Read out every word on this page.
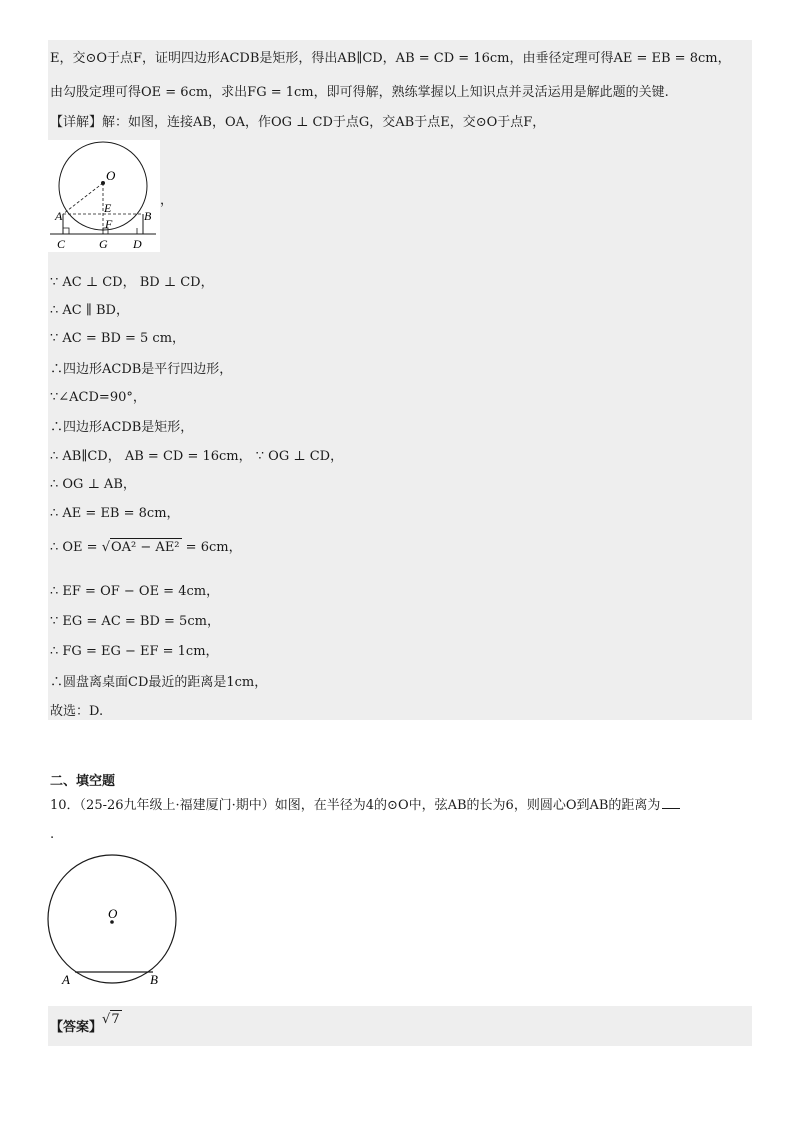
E，交⊙O于点F，证明四边形ACDB是矩形，得出AB∥CD，AB = CD = 16cm，由垂径定理可得AE = EB = 8cm，
由勾股定理可得OE = 6cm，求出FG = 1cm，即可得解，熟练掌握以上知识点并灵活运用是解此题的关键.
【详解】解：如图，连接AB，OA，作OG ⊥ CD于点G，交AB于点E，交⊙O于点F，
O
E
F
A	B
C	G D
，
∵ AC ⊥ CD， BD ⊥ CD，
∴ AC ∥ BD，
∵ AC = BD = 5 cm，
∴四边形ACDB是平行四边形，
∵∠ACD=90°，
∴四边形ACDB是矩形，
∴ AB∥CD， AB = CD = 16cm， ∵ OG ⊥ CD，
∴ OG ⊥ AB，
∴ AE = EB = 8cm，
∴ OE = √OA² − AE² = 6cm，
∴ EF = OF − OE = 4cm，
∵ EG = AC = BD = 5cm，
∴ FG = EG − EF = 1cm，
∴圆盘离桌面CD最近的距离是1cm，
故选：D.
二、填空题
10．（25-26九年级上·福建厦门·期中）如图，在半径为4的⊙O中，弦AB的长为6，则圆心O到AB的距离为
.
O
A	B
【答案】√7
